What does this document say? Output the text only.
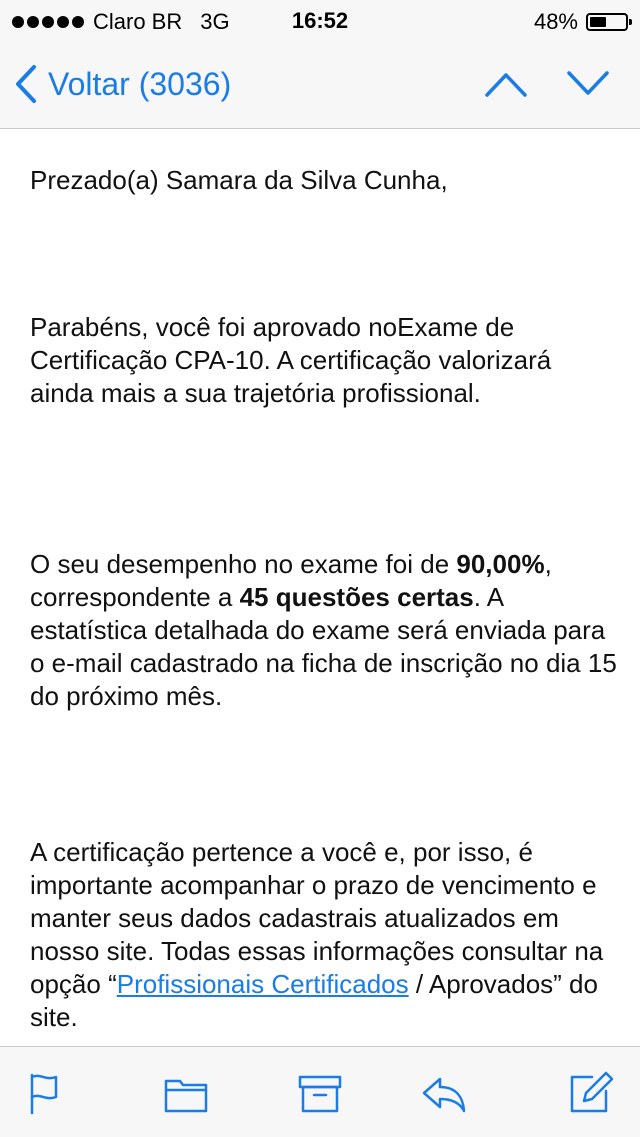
Claro BR 3G	16:52	48%
Voltar (3036)

Prezado(a) Samara da Silva Cunha,

Parabéns, você foi aprovado noExame de Certificação CPA-10. A certificação valorizará ainda mais a sua trajetória profissional.

O seu desempenho no exame foi de 90,00%, correspondente a 45 questões certas. A estatística detalhada do exame será enviada para o e-mail cadastrado na ficha de inscrição no dia 15 do próximo mês.

A certificação pertence a você e, por isso, é importante acompanhar o prazo de vencimento e manter seus dados cadastrais atualizados em nosso site. Todas essas informações consultar na opção “Profissionais Certificados / Aprovados” do site.
